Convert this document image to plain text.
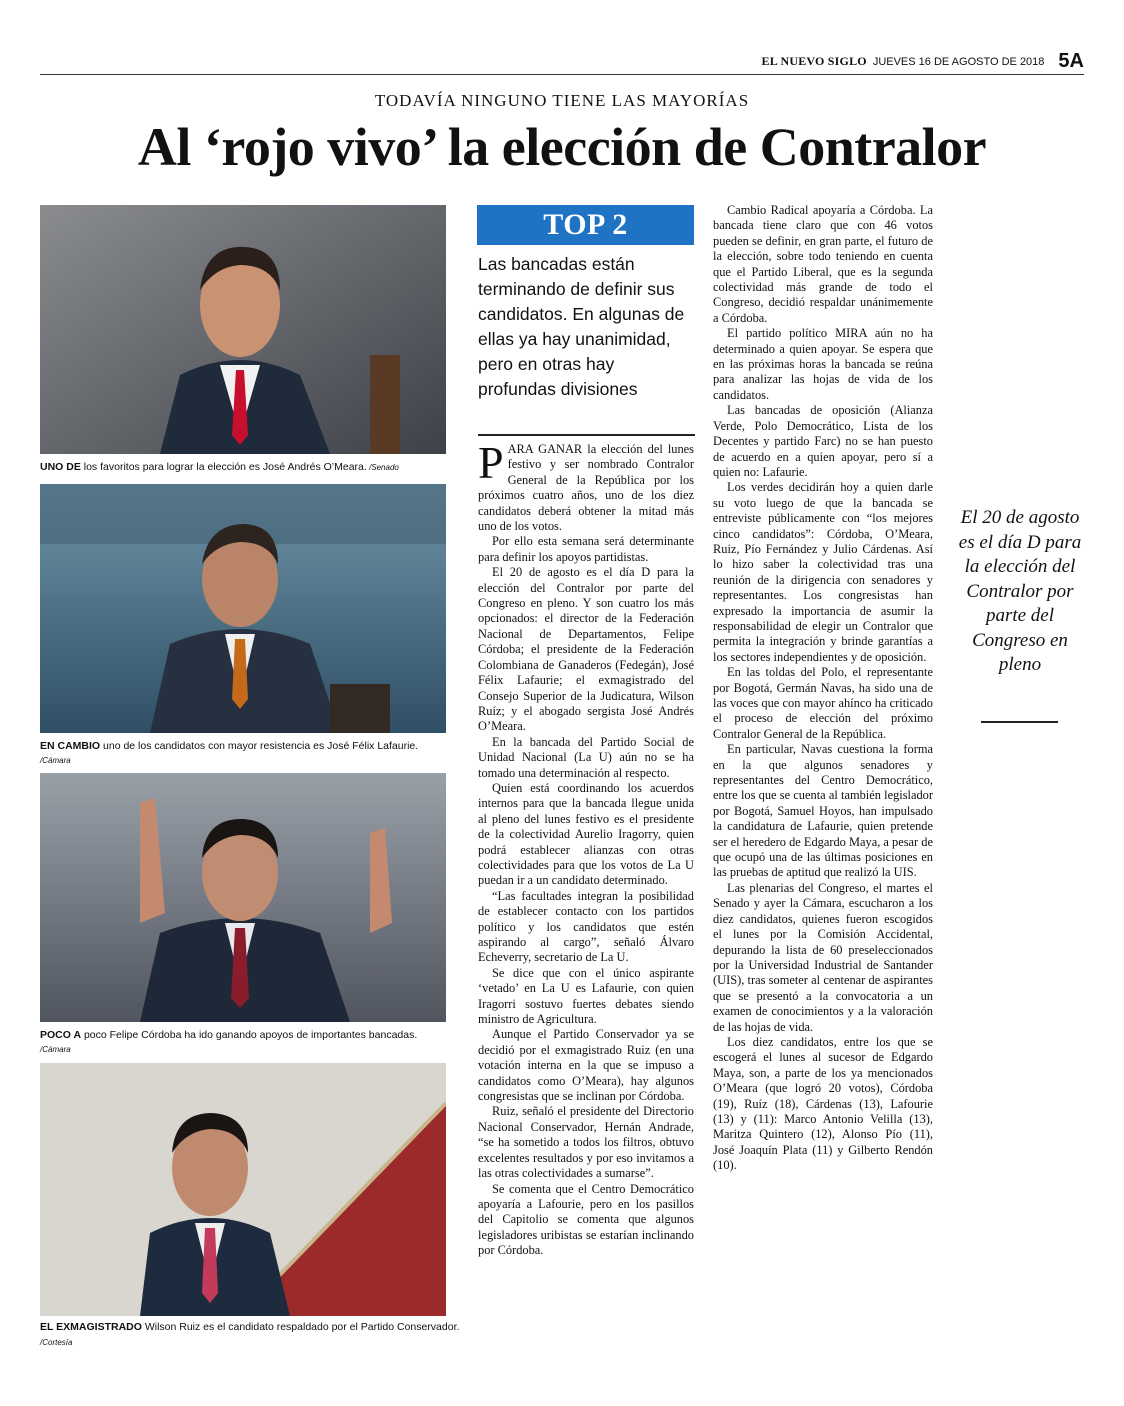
EL NUEVO SIGLO JUEVES 16 DE AGOSTO DE 2018 5A
TODAVÍA NINGUNO TIENE LAS MAYORÍAS
Al ‘rojo vivo’ la elección de Contralor
UNO DE los favoritos para lograr la elección es José Andrés O’Meara. /Senado
EN CAMBIO uno de los candidatos con mayor resistencia es José Félix Lafaurie.
/Cámara
POCO A poco Felipe Córdoba ha ido ganando apoyos de importantes bancadas.
/Cámara
EL EXMAGISTRADO Wilson Ruiz es el candidato respaldado por el Partido Conservador. /Cortesía
TOP 2
Las bancadas están terminando de definir sus candidatos. En algunas de ellas ya hay unanimidad, pero en otras hay profundas divisiones

PARA GANAR la elección del lunes festivo y ser nombrado Contralor General de la República por los próximos cuatro años, uno de los diez candidatos deberá obtener la mitad más uno de los votos.

Por ello esta semana será determinante para definir los apoyos partidistas.

El 20 de agosto es el día D para la elección del Contralor por parte del Congreso en pleno. Y son cuatro los más opcionados: el director de la Federación Nacional de Departamentos, Felipe Córdoba; el presidente de la Federación Colombiana de Ganaderos (Fedegán), José Félix Lafaurie; el exmagistrado del Consejo Superior de la Judicatura, Wilson Ruíz; y el abogado sergista José Andrés O’Meara.

En la bancada del Partido Social de Unidad Nacional (La U) aún no se ha tomado una determinación al respecto.

Quien está coordinando los acuerdos internos para que la bancada llegue unida al pleno del lunes festivo es el presidente de la colectividad Aurelio Iragorry, quien podrá establecer alianzas con otras colectividades para que los votos de La U puedan ir a un candidato determinado.

“Las facultades integran la posibilidad de establecer contacto con los partidos político y los candidatos que estén aspirando al cargo”, señaló Álvaro Echeverry, secretario de La U.

Se dice que con el único aspirante ‘vetado’ en La U es Lafaurie, con quien Iragorri sostuvo fuertes debates siendo ministro de Agricultura.

Aunque el Partido Conservador ya se decidió por el exmagistrado Ruiz (en una votación interna en la que se impuso a candidatos como O’Meara), hay algunos congresistas que se inclinan por Córdoba.

Ruiz, señaló el presidente del Directorio Nacional Conservador, Hernán Andrade, “se ha sometido a todos los filtros, obtuvo excelentes resultados y por eso invitamos a las otras colectividades a sumarse”.

Se comenta que el Centro Democrático apoyaría a Lafourie, pero en los pasillos del Capitolio se comenta que algunos legisladores uribistas se estarían inclinando por Córdoba.

Cambio Radical apoyaría a Córdoba. La bancada tiene claro que con 46 votos pueden se definir, en gran parte, el futuro de la elección, sobre todo teniendo en cuenta que el Partido Liberal, que es la segunda colectividad más grande de todo el Congreso, decidió respaldar unánimemente a Córdoba.

El partido político MIRA aún no ha determinado a quien apoyar. Se espera que en las próximas horas la bancada se reúna para analizar las hojas de vida de los candidatos.

Las bancadas de oposición (Alianza Verde, Polo Democrático, Lista de los Decentes y partido Farc) no se han puesto de acuerdo en a quien apoyar, pero sí a quien no: Lafaurie.

Los verdes decidirán hoy a quien darle su voto luego de que la bancada se entreviste públicamente con “los mejores cinco candidatos”: Córdoba, O’Meara, Ruiz, Pío Fernández y Julio Cárdenas. Así lo hizo saber la colectividad tras una reunión de la dirigencia con senadores y representantes. Los congresistas han expresado la importancia de asumir la responsabilidad de elegir un Contralor que permita la integración y brinde garantías a los sectores independientes y de oposición.

En las toldas del Polo, el representante por Bogotá, Germán Navas, ha sido una de las voces que con mayor ahínco ha criticado el proceso de elección del próximo Contralor General de la República.

En particular, Navas cuestiona la forma en la que algunos senadores y representantes del Centro Democrático, entre los que se cuenta al también legislador por Bogotá, Samuel Hoyos, han impulsado la candidatura de Lafaurie, quien pretende ser el heredero de Edgardo Maya, a pesar de que ocupó una de las últimas posiciones en las pruebas de aptitud que realizó la UIS.

Las plenarias del Congreso, el martes el Senado y ayer la Cámara, escucharon a los diez candidatos, quienes fueron escogidos el lunes por la Comisión Accidental, depurando la lista de 60 preseleccionados por la Universidad Industrial de Santander (UIS), tras someter al centenar de aspirantes que se presentó a la convocatoria a un examen de conocimientos y a la valoración de las hojas de vida.

Los diez candidatos, entre los que se escogerá el lunes al sucesor de Edgardo Maya, son, a parte de los ya mencionados O’Meara (que logró 20 votos), Córdoba (19), Ruíz (18), Cárdenas (13), Lafourie (13) y (11): Marco Antonio Velilla (13), Maritza Quintero (12), Alonso Pío (11), José Joaquín Plata (11) y Gilberto Rendón (10).

El 20 de agosto es el día D para la elección del Contralor por parte del Congreso en pleno
